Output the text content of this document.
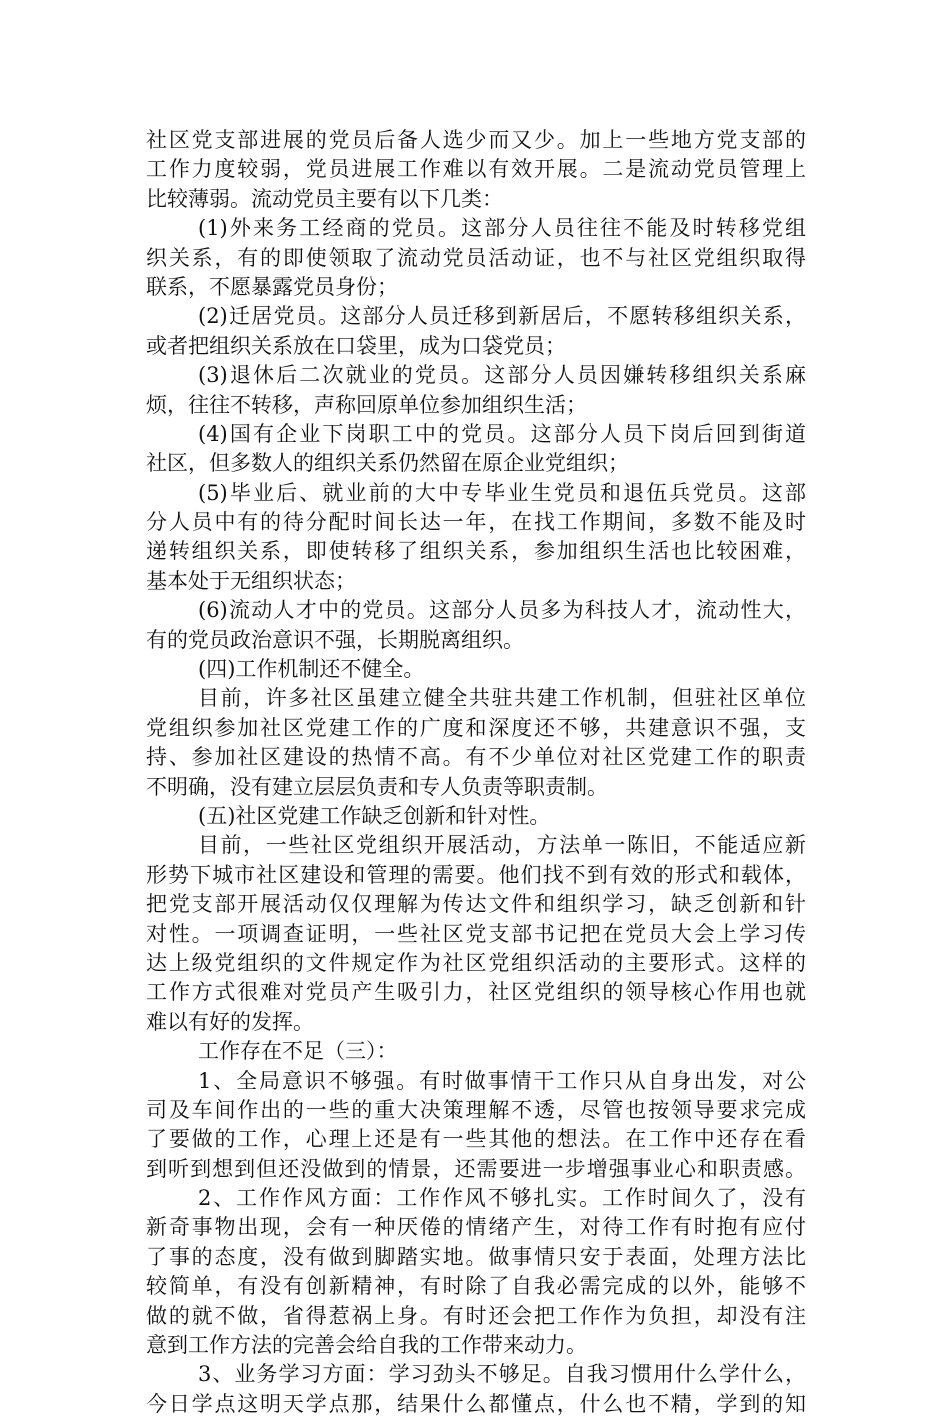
社区党支部进展的党员后备人选少而又少。加上一些地方党支部的
工作力度较弱，党员进展工作难以有效开展。二是流动党员管理上
比较薄弱。流动党员主要有以下几类：
(1)外来务工经商的党员。这部分人员往往不能及时转移党组
织关系，有的即使领取了流动党员活动证，也不与社区党组织取得
联系，不愿暴露党员身份；
(2)迁居党员。这部分人员迁移到新居后，不愿转移组织关系，
或者把组织关系放在口袋里，成为口袋党员；
(3)退休后二次就业的党员。这部分人员因嫌转移组织关系麻
烦，往往不转移，声称回原单位参加组织生活；
(4)国有企业下岗职工中的党员。这部分人员下岗后回到街道
社区，但多数人的组织关系仍然留在原企业党组织；
(5)毕业后、就业前的大中专毕业生党员和退伍兵党员。这部
分人员中有的待分配时间长达一年，在找工作期间，多数不能及时
递转组织关系，即使转移了组织关系，参加组织生活也比较困难，
基本处于无组织状态；
(6)流动人才中的党员。这部分人员多为科技人才，流动性大，
有的党员政治意识不强，长期脱离组织。
(四)工作机制还不健全。
目前，许多社区虽建立健全共驻共建工作机制，但驻社区单位
党组织参加社区党建工作的广度和深度还不够，共建意识不强，支
持、参加社区建设的热情不高。有不少单位对社区党建工作的职责
不明确，没有建立层层负责和专人负责等职责制。
(五)社区党建工作缺乏创新和针对性。
目前，一些社区党组织开展活动，方法单一陈旧，不能适应新
形势下城市社区建设和管理的需要。他们找不到有效的形式和载体，
把党支部开展活动仅仅理解为传达文件和组织学习，缺乏创新和针
对性。一项调查证明，一些社区党支部书记把在党员大会上学习传
达上级党组织的文件规定作为社区党组织活动的主要形式。这样的
工作方式很难对党员产生吸引力，社区党组织的领导核心作用也就
难以有好的发挥。
工作存在不足（三）：
1、全局意识不够强。有时做事情干工作只从自身出发，对公
司及车间作出的一些的重大决策理解不透，尽管也按领导要求完成
了要做的工作，心理上还是有一些其他的想法。在工作中还存在看
到听到想到但还没做到的情景，还需要进一步增强事业心和职责感。
2、工作作风方面：工作作风不够扎实。工作时间久了，没有
新奇事物出现，会有一种厌倦的情绪产生，对待工作有时抱有应付
了事的态度，没有做到脚踏实地。做事情只安于表面，处理方法比
较简单，有没有创新精神，有时除了自我必需完成的以外，能够不
做的就不做，省得惹祸上身。有时还会把工作作为负担，却没有注
意到工作方法的完善会给自我的工作带来动力。
3、业务学习方面：学习劲头不够足。自我习惯用什么学什么，
今日学点这明天学点那，结果什么都懂点，什么也不精，学到的知
